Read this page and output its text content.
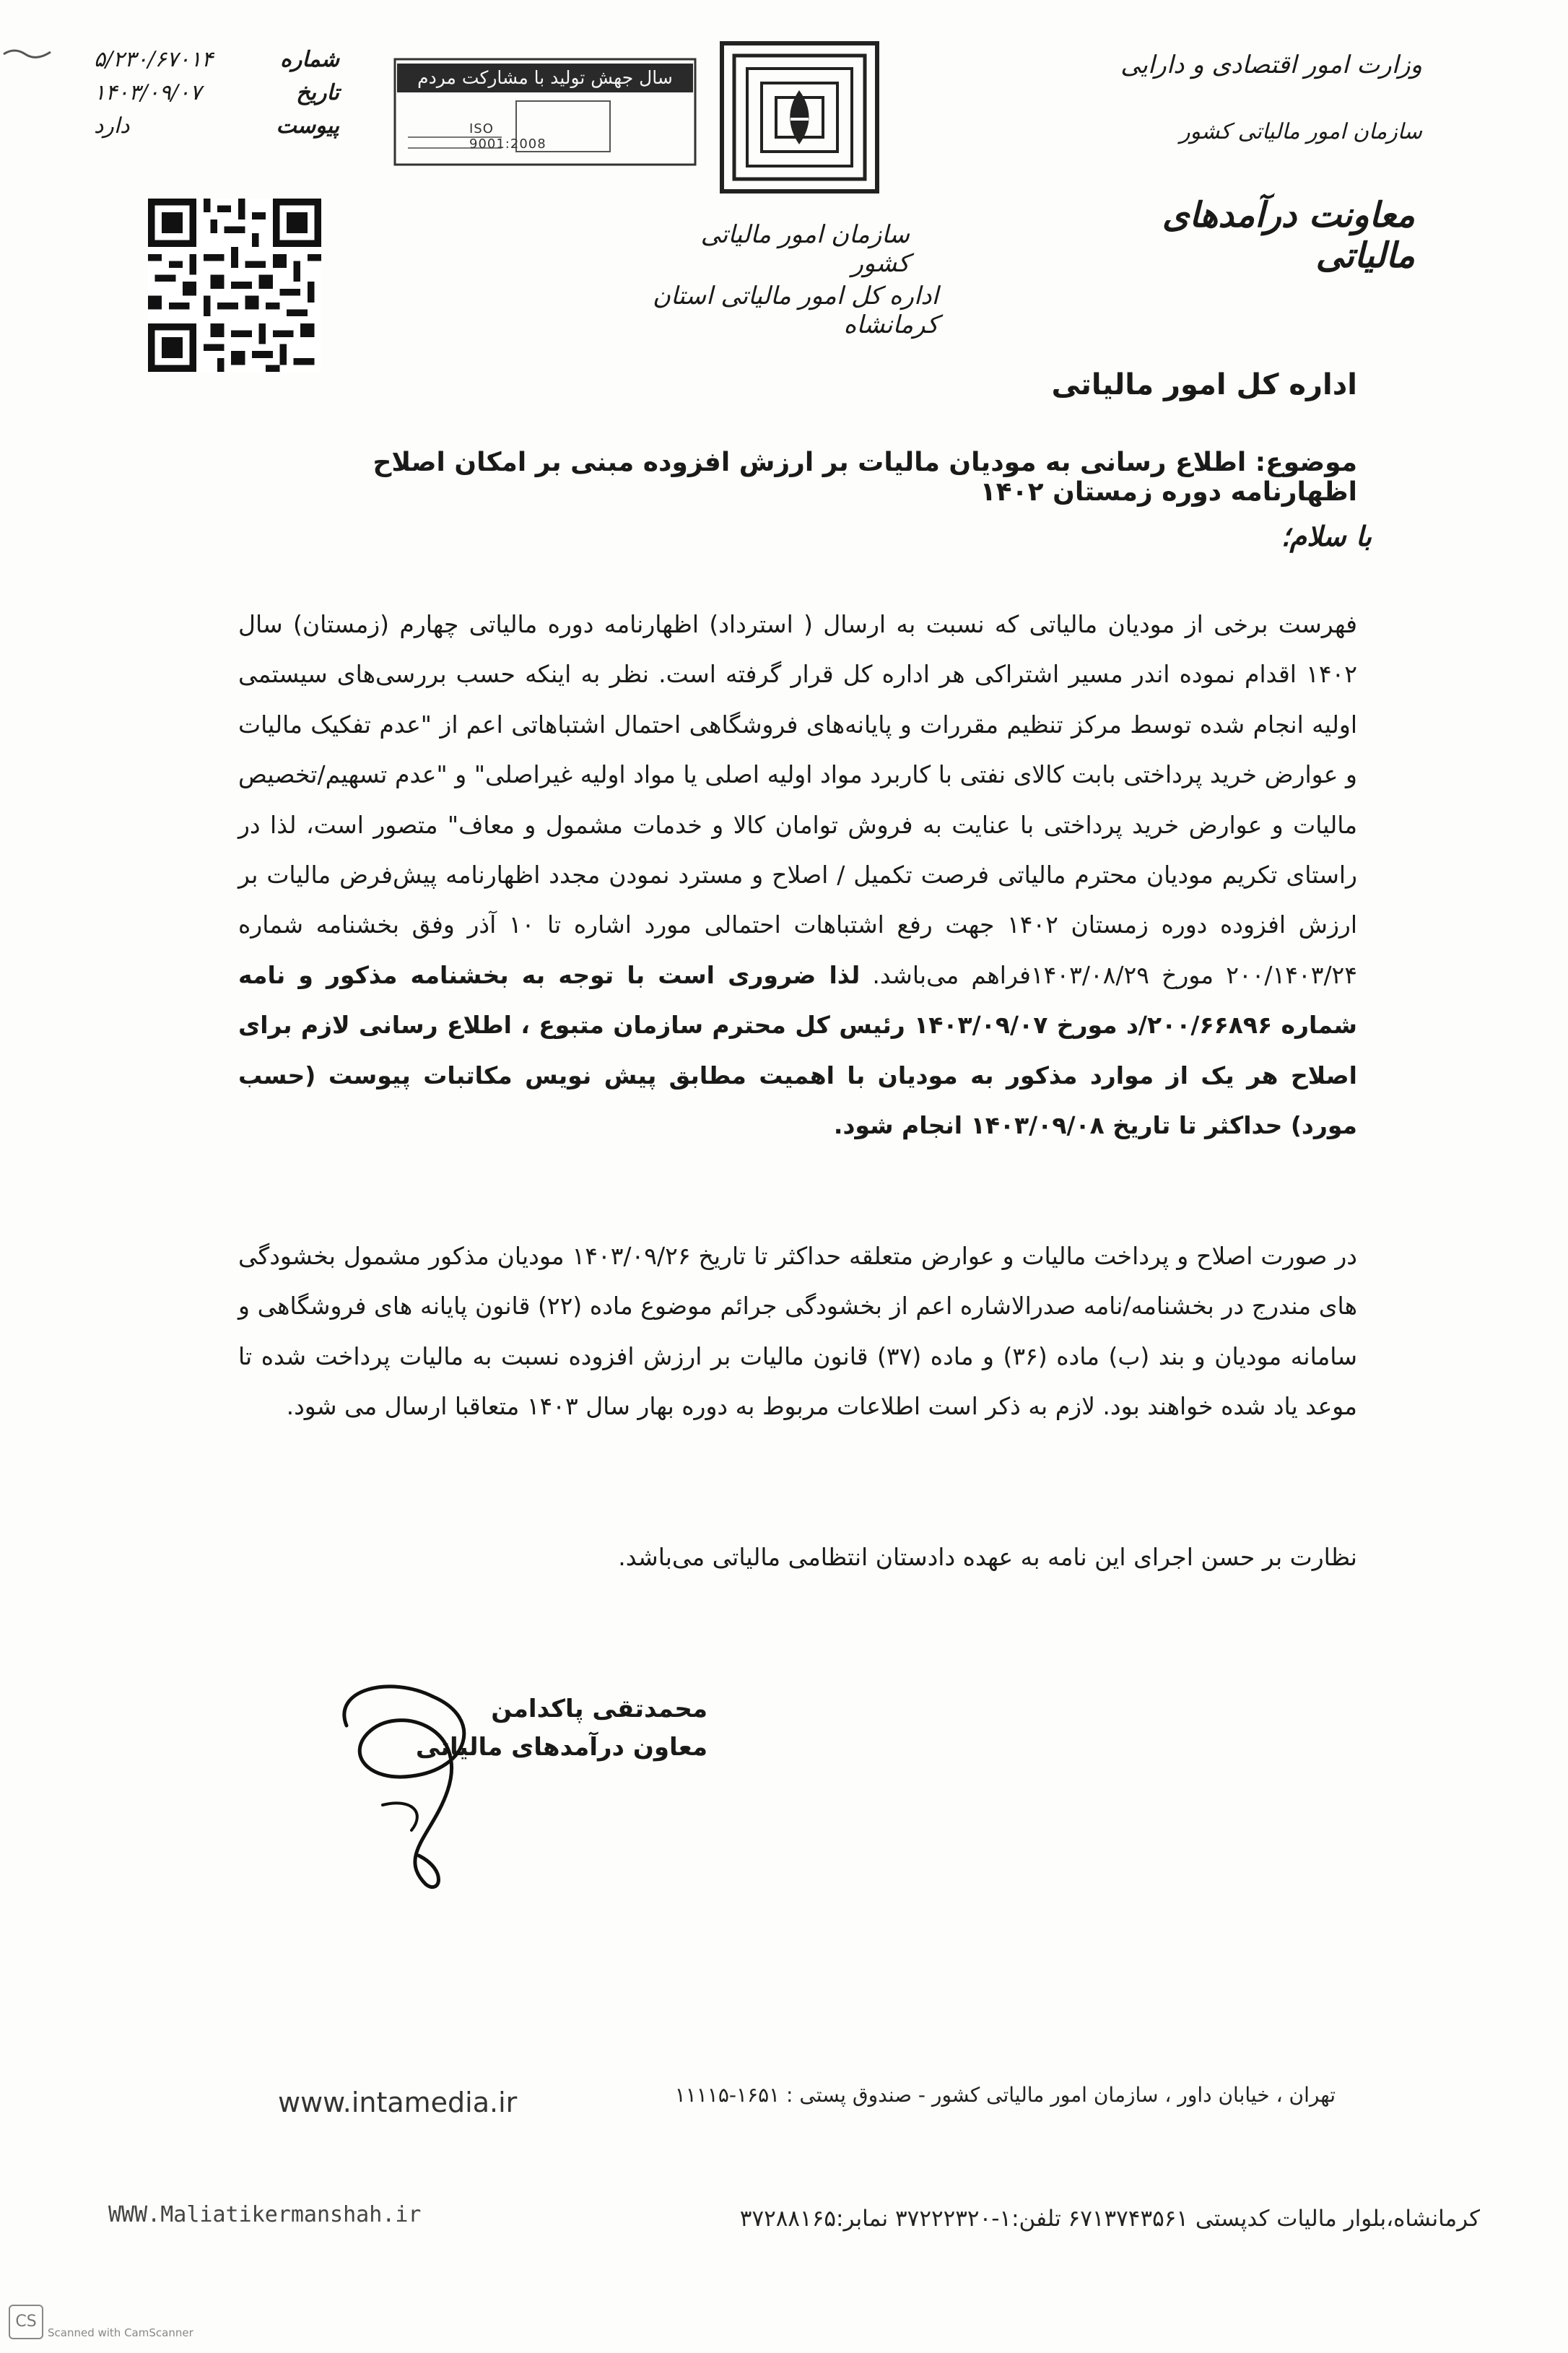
شماره
۵/۲۳۰/۶۷۰۱۴
تاریخ
۱۴۰۳/۰۹/۰۷
پیوست
دارد
سال جهش تولید با مشارکت مردم
ISO 9001:2008
وزارت امور اقتصادی و دارایی
سازمان امور مالیاتی کشور
معاونت درآمدهای مالیاتی
سازمان امور مالیاتی کشور
اداره کل امور مالیاتی استان کرمانشاه
اداره کل امور مالیاتی
موضوع: اطلاع رسانی به مودیان مالیات بر ارزش افزوده مبنی بر امکان اصلاح اظهارنامه دوره زمستان ۱۴۰۲
با سلام؛
فهرست برخی از مودیان مالیاتی که نسبت به ارسال ( استرداد) اظهارنامه دوره مالیاتی چهارم (زمستان) سال ۱۴۰۲ اقدام نموده اندر مسیر اشتراکی هر اداره کل قرار گرفته است. نظر به اینکه حسب بررسی‌های سیستمی اولیه انجام شده توسط مرکز تنظیم مقررات و پایانه‌های فروشگاهی احتمال اشتباهاتی اعم از "عدم تفکیک مالیات و عوارض خرید پرداختی بابت کالای نفتی با کاربرد مواد اولیه اصلی یا مواد اولیه غیراصلی" و "عدم تسهیم/تخصیص مالیات و عوارض خرید پرداختی با عنایت به فروش توامان کالا و خدمات مشمول و معاف" متصور است، لذا در راستای تکریم مودیان محترم مالیاتی فرصت تکمیل / اصلاح و مسترد نمودن مجدد اظهارنامه پیش‌فرض مالیات بر ارزش افزوده دوره زمستان ۱۴۰۲ جهت رفع اشتباهات احتمالی مورد اشاره تا ۱۰ آذر وفق بخشنامه شماره ۲۰۰/۱۴۰۳/۲۴ مورخ ۱۴۰۳/۰۸/۲۹فراهم می‌باشد. لذا ضروری است با توجه به بخشنامه مذکور و نامه شماره ۲۰۰/۶۶۸۹۶/د مورخ ۱۴۰۳/۰۹/۰۷ رئیس کل محترم سازمان متبوع ، اطلاع رسانی لازم برای اصلاح هر یک از موارد مذکور به مودیان با اهمیت مطابق پیش نویس مکاتبات پیوست (حسب مورد) حداکثر تا تاریخ ۱۴۰۳/۰۹/۰۸ انجام شود.
در صورت اصلاح و پرداخت مالیات و عوارض متعلقه حداکثر تا تاریخ ۱۴۰۳/۰۹/۲۶ مودیان مذکور مشمول بخشودگی های مندرج در بخشنامه/نامه صدرالاشاره اعم از بخشودگی جرائم موضوع ماده (۲۲) قانون پایانه های فروشگاهی و سامانه مودیان و بند (ب) ماده (۳۶) و ماده (۳۷) قانون مالیات بر ارزش افزوده نسبت به مالیات پرداخت شده تا موعد یاد شده خواهند بود. لازم به ذکر است اطلاعات مربوط به دوره بهار سال ۱۴۰۳ متعاقبا ارسال می شود.
نظارت بر حسن اجرای این نامه به عهده دادستان انتظامی مالیاتی می‌باشد.
محمدتقی پاکدامن
معاون درآمدهای مالیاتی
تهران ، خیابان داور ، سازمان امور مالیاتی کشور - صندوق پستی : ۱۶۵۱-۱۱۱۱۵
www.intamedia.ir
کرمانشاه،بلوار مالیات کدپستی ۶۷۱۳۷۴۳۵۶۱ تلفن:۱-۳۷۲۲۲۳۲۰ نمابر:۳۷۲۸۸۱۶۵
WWW.Maliatikermanshah.ir
CS
Scanned with CamScanner
